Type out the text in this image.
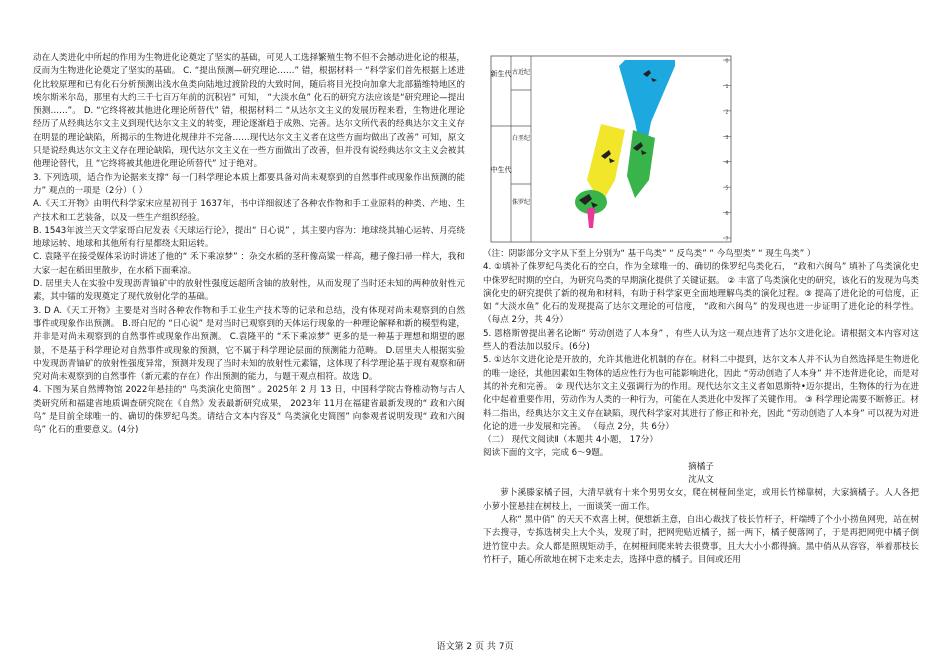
动在人类进化中所起的作用为生物进化论奠定了坚实的基础，可见人工选择繁殖生物不但不会撼动进化论的根基，反而为生物进化论奠定了坚实的基础。 C. “提出预测—研究理论……” 错，根据材料一 “科学家们首先根据上述进化比较原理和已有化石分析预测出浅水鱼类向陆地过渡阶段的大致时间，随后将目光投向加拿大北部猫维特地区的埃尔斯米尔岛，那里有大约三千七百万年前的沉积岩” 可知， “大淡水鱼” 化石的研究方法应该是“研究理论—提出预测……”。 D. “它终将被其他进化理论所替代” 错，根据材料二 “从达尔文主义的发展历程来看，生物进化理论经历了从经典达尔文主义到现代达尔文主义的转变，理论逐渐趋于成熟、完善。达尔文所代表的经典达尔文主义存在明显的理论缺陷，所揭示的生物进化规律并不完备……现代达尔文主义者在这些方面均做出了改善” 可知，原文只是说经典达尔文主义存在理论缺陷，现代达尔文主义在一些方面做出了改善，但并没有说经典达尔文主义会被其他理论替代，且 “它终将被其他进化理论所替代” 过于绝对。

3. 下列选项，适合作为论据来支撑“ 每一门科学理论本质上都要具备对尚未观察到的自然事件或现象作出预测的能力” 观点的一项是（2分）（ ）

A.《天工开物》由明代科学家宋应星初刊于 1637年，书中详细叙述了各种农作物和手工业原料的种类、产地、生产技术和工艺装备，以及一些生产组织经验。

B. 1543年波兰天文学家哥白尼发表《天球运行论》，提出“ 日心说” ，其主要内容为：地球绕其轴心运转、月亮绕地球运转、地球和其他所有行星都绕太阳运转。

C. 袁隆平在接受媒体采访时讲述了他的“ 禾下乘凉梦” ：杂交水稻的茎秆像高粱一样高，穗子像扫帚一样大，我和大家一起在稻田里散步，在水稻下面乘凉。

D. 居里夫人在实验中发现沥青铀矿中的放射性强度远超所含铀的放射性，从而发现了当时还未知的两种放射性元素，其中镭的发现奠定了现代放射化学的基础。

3. D A.《天工开物》主要是对当时各种农作物和手工业生产技术等的记录和总结，没有体现对尚未观察到的自然事件或现象作出预测。 B.哥白尼的 “日心说” 是对当时已观察到的天体运行现象的一种理论解释和新的模型构建，并非是对尚未观察到的自然事件或现象作出预测。 C.袁隆平的 “禾下乘凉梦” 更多的是一种基于理想和期望的愿景，不是基于科学理论对自然事件或现象的预测，它不属于科学理论层面的预测能力范畴。 D.居里夫人根据实验中发现沥青铀矿的放射性强度异常，预测并发现了当时未知的放射性元素镭，这体现了科学理论基于现有观察和研究对尚未观察到的自然事件（新元素的存在）作出预测的能力，与题干观点相符。故选 D。

4. 下图为某自然博物馆 2022年悬挂的“ 鸟类演化史简图” 。2025年 2 月 13 日，中国科学院古脊椎动物与古人类研究所和福建省地质调查研究院在《自然》发表最新研究成果， 2023年 11月在福建省最新发现的“ 政和六闽鸟” 是目前全球唯一的、确切的侏罗纪鸟类。请结合文本内容及“ 鸟类演化史简图” 向参观者说明发现“ 政和六闽鸟” 化石的重要意义。(4分)

新生代
中生代
古近纪
白垩纪
侏罗纪
0
1
2
3
4
5
6
7

（注：阴影部分文字从下至上分别为“ 基干鸟类” “ 反鸟类” “ 今鸟型类” “ 现生鸟类” ）

4. ①填补了侏罗纪鸟类化石的空白，作为全球唯一的、确切的侏罗纪鸟类化石， “政和六闽鸟” 填补了鸟类演化史中侏罗纪时期的空白，为研究鸟类的早期演化提供了关键证据。 ② 丰富了鸟类演化史的研究，该化石的发现为鸟类演化史的研究提供了新的视角和材料，有助于科学家更全面地理解鸟类的演化过程。③ 提高了进化论的可信度，正如 “大淡水鱼” 化石的发现提高了达尔文理论的可信度， “政和六闽鸟” 的发现也进一步证明了进化论的科学性。 （每点 2分，共 4分）

5. 恩格斯曾提出著名论断“ 劳动创造了人本身” ，有些人认为这一观点违背了达尔文进化论。请根据文本内容对这些人的看法加以驳斥。(6分)

5. ①达尔文进化论是开放的，允许其他进化机制的存在。材料二中提到，达尔文本人并不认为自然选择是生物进化的唯一途径，其他因素如生物体的适应性行为也可能影响进化，因此 “劳动创造了人本身” 并不违背进化论，而是对其的补充和完善。 ② 现代达尔文主义强调行为的作用。现代达尔文主义者如恩斯特•迈尔提出，生物体的行为在进化中起着重要作用，劳动作为人类的一种行为，可能在人类进化中发挥了关键作用。 ③ 科学理论需要不断修正。材料二指出，经典达尔文主义存在缺陷，现代科学家对其进行了修正和补充，因此 “劳动创造了人本身” 可以视为对进化论的进一步发展和完善。 （每点 2分，共 6分）

（二） 现代文阅读Ⅱ（本题共 4小题， 17分）

阅读下面的文字，完成 6～9题。

摘橘子

沈从文

萝卜溪滕家橘子园，大清早就有十来个男男女女，爬在树桠间坐定，或用长竹梯靠树，大家摘橘子。人人各把小萝小筐悬挂在树枝上，一面谈笑一面工作。

人称“ 黑中俏” 的天天不欢喜上树，便想新主意，自出心裁找了枝长竹杆子，杆端缚了个小小捞鱼网兜，站在树下去搜寻，专拣选树尖上大个头，发现了时，把网兜贴近橘子，摇一两下，橘子便落网了，于是再把网兜中橘子倒进竹筐中去。众人都是照规矩动手，在树桠间爬来转去很费事，且大大小小都得摘。黑中俏从从容容，举着那枝长竹杆子，随心所欲地在树下走来走去，选择中意的橘子。目间或还用

语文第 2 页 共 7页
